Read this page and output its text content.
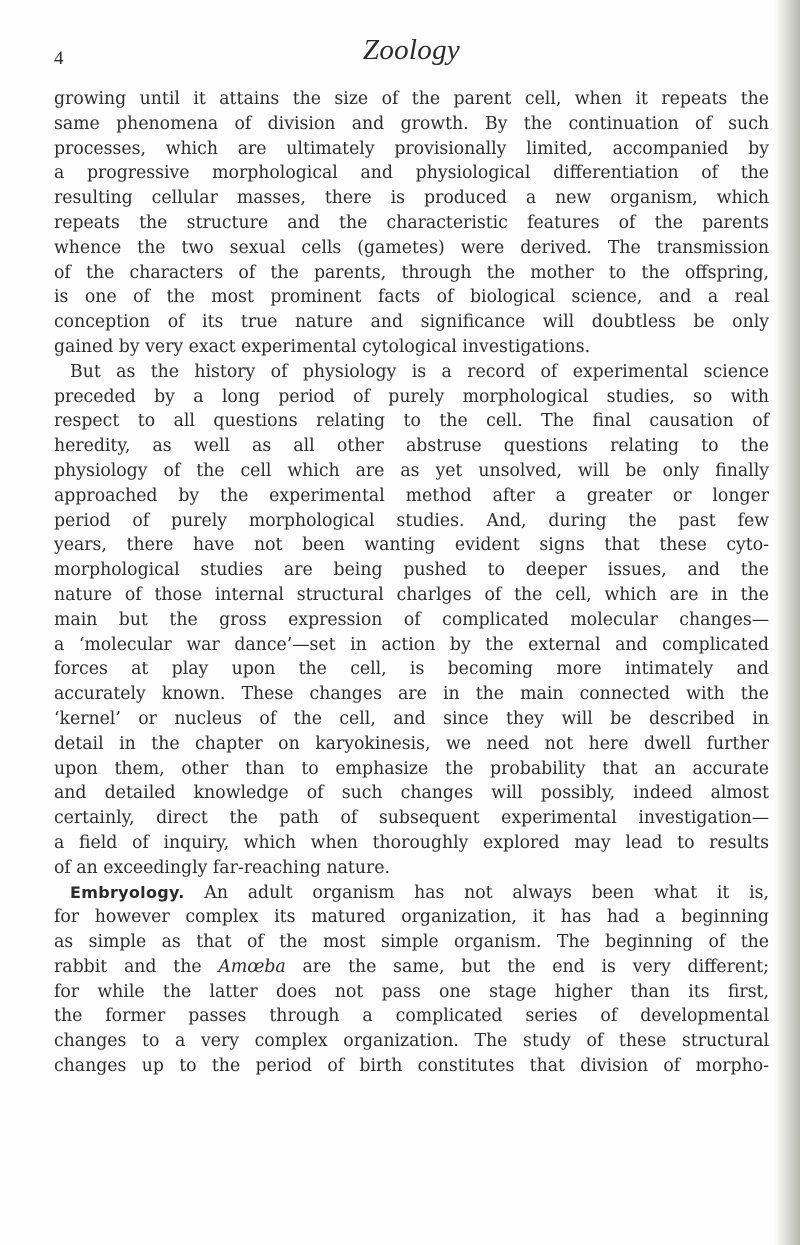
4	Zoology
growing until it attains the size of the parent cell, when it repeats the
same phenomena of division and growth. By the continuation of such
processes, which are ultimately provisionally limited, accompanied by
a progressive morphological and physiological differentiation of the
resulting cellular masses, there is produced a new organism, which
repeats the structure and the characteristic features of the parents
whence the two sexual cells (gametes) were derived. The transmission
of the characters of the parents, through the mother to the offspring,
is one of the most prominent facts of biological science, and a real
conception of its true nature and significance will doubtless be only
gained by very exact experimental cytological investigations.
But as the history of physiology is a record of experimental science
preceded by a long period of purely morphological studies, so with
respect to all questions relating to the cell. The final causation of
heredity, as well as all other abstruse questions relating to the
physiology of the cell which are as yet unsolved, will be only finally
approached by the experimental method after a greater or longer
period of purely morphological studies. And, during the past few
years, there have not been wanting evident signs that these cyto-
morphological studies are being pushed to deeper issues, and the
nature of those internal structural charlges of the cell, which are in the
main but the gross expression of complicated molecular changes—
a ‘molecular war dance’—set in action by the external and complicated
forces at play upon the cell, is becoming more intimately and
accurately known. These changes are in the main connected with the
‘kernel’ or nucleus of the cell, and since they will be described in
detail in the chapter on karyokinesis, we need not here dwell further
upon them, other than to emphasize the probability that an accurate
and detailed knowledge of such changes will possibly, indeed almost
certainly, direct the path of subsequent experimental investigation—
a field of inquiry, which when thoroughly explored may lead to results
of an exceedingly far-reaching nature.
Embryology. An adult organism has not always been what it is,
for however complex its matured organization, it has had a beginning
as simple as that of the most simple organism. The beginning of the
rabbit and the Amœba are the same, but the end is very different;
for while the latter does not pass one stage higher than its first,
the former passes through a complicated series of developmental
changes to a very complex organization. The study of these structural
changes up to the period of birth constitutes that division of morpho-
